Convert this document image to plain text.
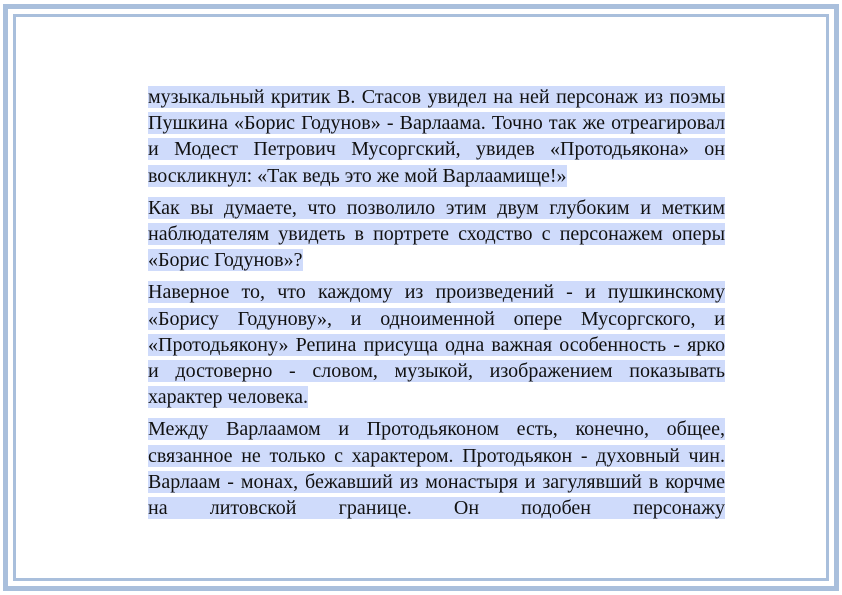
музыкальный критик В. Стасов увидел на ней персонаж из поэмы Пушкина «Борис Годунов» - Варлаама. Точно так же отреагировал и Модест Петрович Мусоргский, увидев «Протодьякона» он воскликнул: «Так ведь это же мой Варлаамище!»

Как вы думаете, что позволило этим двум глубоким и метким наблюдателям увидеть в портрете сходство с персонажем оперы «Борис Годунов»?

Наверное то, что каждому из произведений - и пушкинскому «Борису Годунову», и одноименной опере Мусоргского, и «Протодьякону» Репина присуща одна важная особенность - ярко и достоверно - словом, музыкой, изображением показывать характер человека.

Между Варлаамом и Протодьяконом есть, конечно, общее, связанное не только с характером. Протодьякон - духовный чин. Варлаам - монах, бежавший из монастыря и загулявший в корчме на литовской границе. Он подобен персонажу
